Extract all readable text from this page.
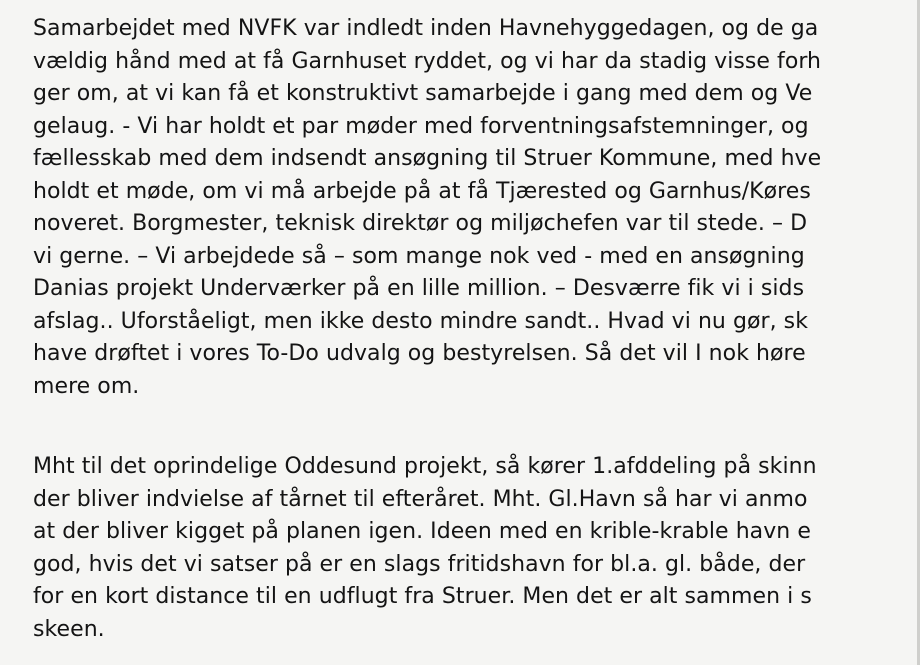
Samarbejdet med NVFK var indledt inden Havnehyggedagen, og de ga
vældig hånd med at få Garnhuset ryddet, og vi har da stadig visse forh
ger om, at vi kan få et konstruktivt samarbejde i gang med dem og Ve
gelaug. - Vi har holdt et par møder med forventningsafstemninger, og
fællesskab med dem indsendt ansøgning til Struer Kommune, med hve
holdt et møde, om vi må arbejde på at få Tjærested og Garnhus/Køres
noveret. Borgmester, teknisk direktør og miljøchefen var til stede. – D
vi gerne. – Vi arbejdede så – som mange nok ved - med en ansøgning
Danias projekt Underværker på en lille million. – Desværre fik vi i sids
afslag.. Uforståeligt, men ikke desto mindre sandt.. Hvad vi nu gør, sk
have drøftet i vores To-Do udvalg og bestyrelsen. Så det vil I nok høre
mere om.
Mht til det oprindelige Oddesund projekt, så kører 1.afddeling på skinn
der bliver indvielse af tårnet til efteråret. Mht. Gl.Havn så har vi anmo
at der bliver kigget på planen igen. Ideen med en krible-krable havn e
god, hvis det vi satser på er en slags fritidshavn for bl.a. gl. både, der
for en kort distance til en udflugt fra Struer. Men det er alt sammen i s
skeen.
